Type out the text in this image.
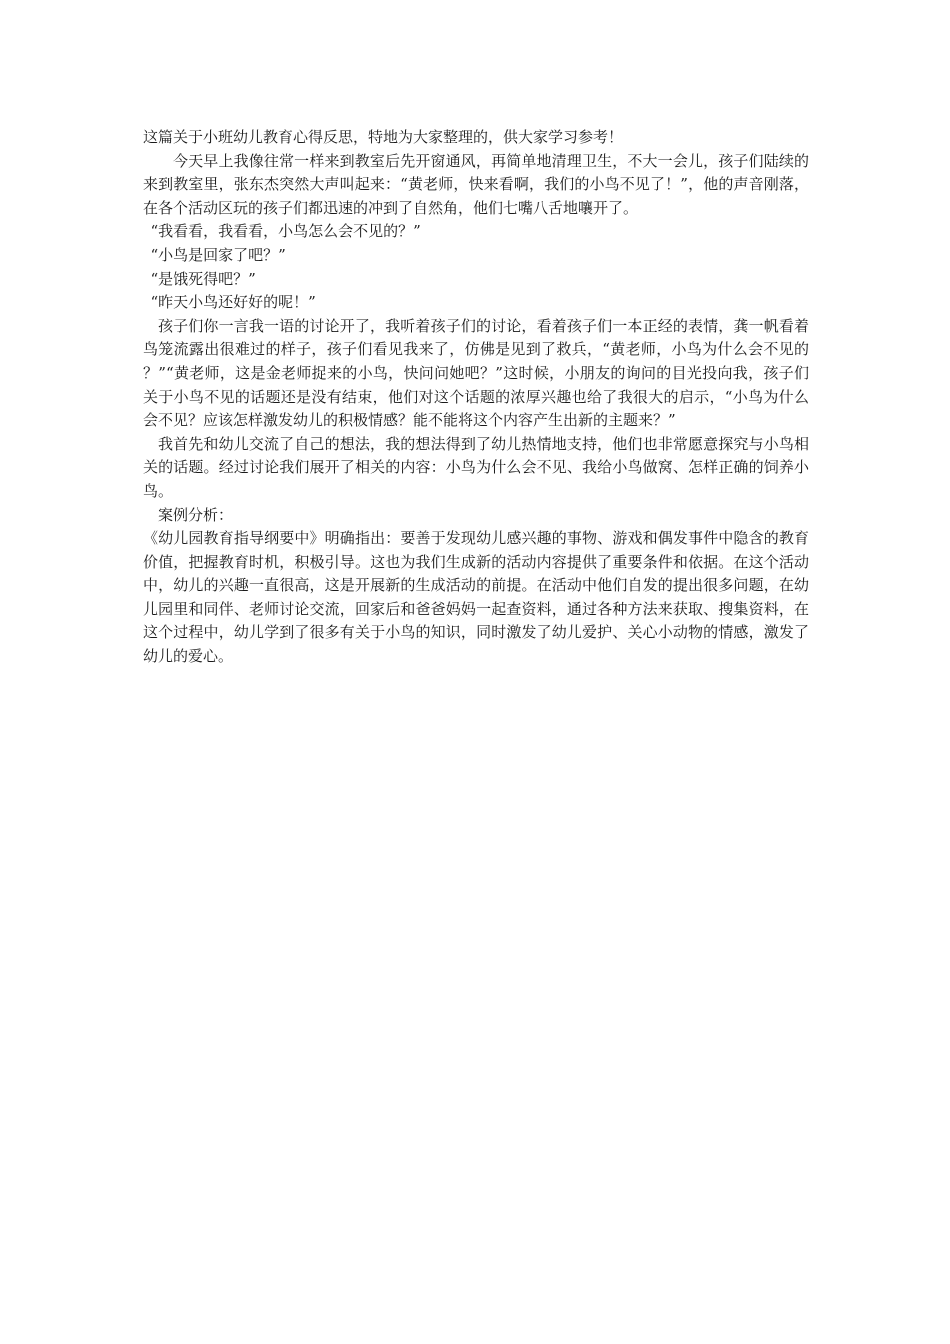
这篇关于小班幼儿教育心得反思，特地为大家整理的，供大家学习参考！

今天早上我像往常一样来到教室后先开窗通风，再简单地清理卫生，不大一会儿，孩子们陆续的来到教室里，张东杰突然大声叫起来：“黄老师，快来看啊，我们的小鸟不见了！”，他的声音刚落，在各个活动区玩的孩子们都迅速的冲到了自然角，他们七嘴八舌地嚷开了。

“我看看，我看看，小鸟怎么会不见的？”

“小鸟是回家了吧？”

“是饿死得吧？”

“昨天小鸟还好好的呢！”

孩子们你一言我一语的讨论开了，我听着孩子们的讨论，看着孩子们一本正经的表情，龚一帆看着鸟笼流露出很难过的样子，孩子们看见我来了，仿佛是见到了救兵，“黄老师，小鸟为什么会不见的？”“黄老师，这是金老师捉来的小鸟，快问问她吧？”这时候，小朋友的询问的目光投向我，孩子们关于小鸟不见的话题还是没有结束，他们对这个话题的浓厚兴趣也给了我很大的启示，“小鸟为什么会不见？应该怎样激发幼儿的积极情感？能不能将这个内容产生出新的主题来？”

我首先和幼儿交流了自己的想法，我的想法得到了幼儿热情地支持，他们也非常愿意探究与小鸟相关的话题。经过讨论我们展开了相关的内容：小鸟为什么会不见、我给小鸟做窝、怎样正确的饲养小鸟。

案例分析：

《幼儿园教育指导纲要中》明确指出：要善于发现幼儿感兴趣的事物、游戏和偶发事件中隐含的教育价值，把握教育时机，积极引导。这也为我们生成新的活动内容提供了重要条件和依据。在这个活动中，幼儿的兴趣一直很高，这是开展新的生成活动的前提。在活动中他们自发的提出很多问题，在幼儿园里和同伴、老师讨论交流，回家后和爸爸妈妈一起查资料，通过各种方法来获取、搜集资料，在这个过程中，幼儿学到了很多有关于小鸟的知识，同时激发了幼儿爱护、关心小动物的情感，激发了幼儿的爱心。
